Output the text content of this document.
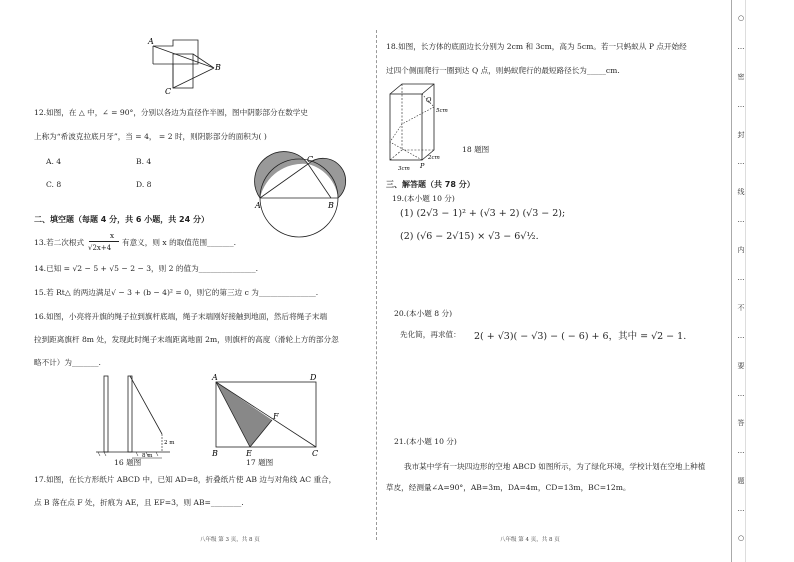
A
B
C
12.如图，在 △ 中，∠ = 90°，分别以各边为直径作半圆，图中阴影部分在数学史
上称为“希波克拉底月牙”，当 = 4， = 2 时，则阴影部分的面积为( )
A. 4	B. 4
C. 8	D. 8
C
A	B
二、填空题（每题 4 分，共 6 小题，共 24 分）
13.若二次根式
x
√2x+4
有意义，则 x 的取值范围_______.
14.已知 = √2 − 5 + √5 − 2 − 3，则 2 的值为_______________.
15.若 Rt△ 的两边满足√ − 3 + (b − 4)² = 0，则它的第三边 c 为_______________.
16.如图，小亮将升旗的绳子拉到旗杆底端，绳子末端刚好接触到地面，然后将绳子末端
拉到距离旗杆 8m 处，发现此时绳子末端距离地面 2m，则旗杆的高度（滑轮上方的部分忽
略不计）为_______.
2 m
8 m
16 题图
A	D
F
B	E	C
17 题图
17.如图，在长方形纸片 ABCD 中，已知 AD=8，折叠纸片使 AB 边与对角线 AC 重合，
点 B 落在点 F 处，折痕为 AE，且 EF=3，则 AB=________.
八年级 第 3 页，共 8 页
18.如图，长方体的底面边长分别为 2cm 和 3cm，高为 5cm。若一只蚂蚁从 P 点开始经
过四个侧面爬行一圈到达 Q 点，则蚂蚁爬行的最短路径长为_____cm.
Q
5cm
P
3cm
2cm
18 题图
三、解答题（共 78 分）
19.(本小题 10 分)
(1) (2√3 − 1)² + (√3 + 2) (√3 − 2);
(2) (√6 − 2√15) × √3 − 6√½.
20.(本小题 8 分)
先化简，再求值： 2( + √3)( − √3) − ( − 6) + 6，其中 = √2 − 1.
21.(本小题 10 分)
我市某中学有一块四边形的空地 ABCD 如图所示，为了绿化环境，学校计划在空地上种植
草皮，经测量∠A=90°，AB=3m，DA=4m，CD=13m，BC=12m。
八年级 第 4 页，共 8 页
○
…
密
…
封
…
线
…
内
…
不
…
要
…
答
…
题
…
○
